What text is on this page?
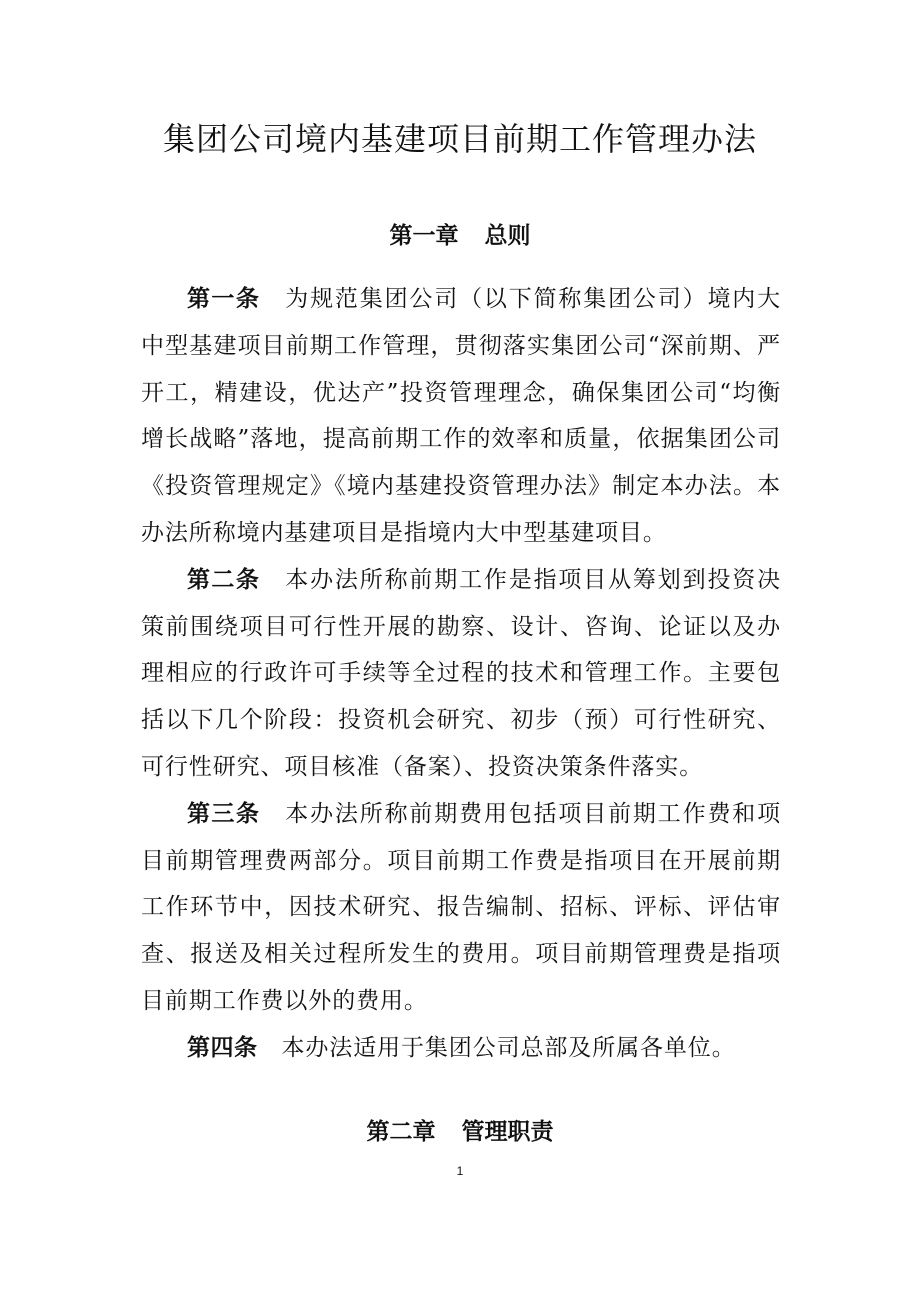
集团公司境内基建项目前期工作管理办法
第一章 总则

第一条 为规范集团公司（以下简称集团公司）境内大中型基建项目前期工作管理，贯彻落实集团公司“深前期、严开工，精建设，优达产”投资管理理念，确保集团公司“均衡增长战略”落地，提高前期工作的效率和质量，依据集团公司《投资管理规定》《境内基建投资管理办法》制定本办法。本办法所称境内基建项目是指境内大中型基建项目。

第二条 本办法所称前期工作是指项目从筹划到投资决策前围绕项目可行性开展的勘察、设计、咨询、论证以及办理相应的行政许可手续等全过程的技术和管理工作。主要包括以下几个阶段：投资机会研究、初步（预）可行性研究、可行性研究、项目核准（备案）、投资决策条件落实。

第三条 本办法所称前期费用包括项目前期工作费和项目前期管理费两部分。项目前期工作费是指项目在开展前期工作环节中，因技术研究、报告编制、招标、评标、评估审查、报送及相关过程所发生的费用。项目前期管理费是指项目前期工作费以外的费用。

第四条 本办法适用于集团公司总部及所属各单位。

第二章 管理职责
1
